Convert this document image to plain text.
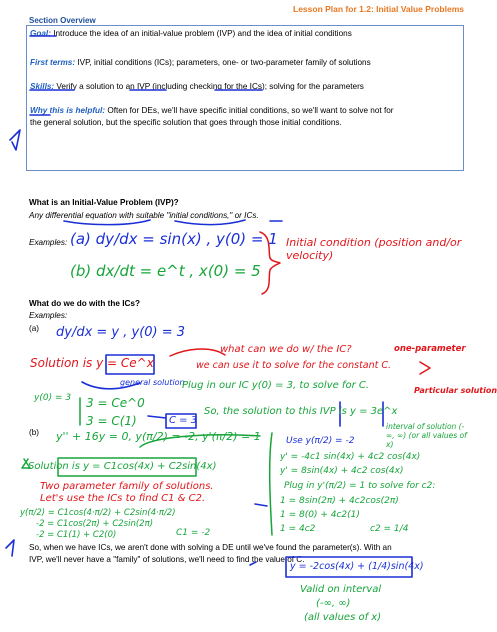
Lesson Plan for 1.2: Initial Value Problems
Section Overview
Goal: Introduce the idea of an initial-value problem (IVP) and the idea of initial conditions
First terms: IVP, initial conditions (ICs); parameters, one- or two-parameter family of solutions
Skills: Verify a solution to an IVP (including checking for the ICs); solving for the parameters
Why this is helpful: Often for DEs, we'll have specific initial conditions, so we'll want to solve not for
the general solution, but the specific solution that goes through those initial conditions.
What is an Initial-Value Problem (IVP)?
Any differential equation with suitable "initial conditions," or ICs.
Examples:
What do we do with the ICs?
Examples:
(a)
(b)
So, when we have ICs, we aren't done with solving a DE until we've found the parameter(s). With an
IVP, we'll never have a "family" of solutions, we'll need to find the value of C.
(a) dy/dx = sin(x) , y(0) = 1
(b) dx/dt = e^t , x(0) = 5
Initial condition (position and/or velocity)
dy/dx = y , y(0) = 3
what can we do w/ the IC?	one-parameter
we can use it to solve for the constant C.
Solution is y = Ce^x
general solution
Plug in our IC y(0) = 3, to solve for C.
y(0) = 3 3 = Ce^0
3 = C(1)	C = 3
So, the solution to this IVP is y = 3e^x
Particular solution
y'' + 16y = 0, y(π/2) = -2, y'(π/2) = 1	Use y(π/2) = -2
interval of solution (-∞, ∞) (or all values of x)
y' = -4c1 sin(4x) + 4c2 cos(4x)
y' = 8sin(4x) + 4c2 cos(4x)
Solution is y = C1cos(4x) + C2sin(4x)
Two parameter family of solutions.
Let's use the ICs to find C1 & C2.
Plug in y'(π/2) = 1 to solve for c2:
y(π/2) = C1cos(4·π/2) + C2sin(4·π/2)
-2 = C1cos(2π) + C2sin(2π)
-2 = C1(1) + C2(0)	C1 = -2
1 = 8sin(2π) + 4c2cos(2π)
1 = 8(0) + 4c2(1)
1 = 4c2	c2 = 1/4
y = -2cos(4x) + (1/4)sin(4x)
Valid on interval
(-∞, ∞)
(all values of x)
